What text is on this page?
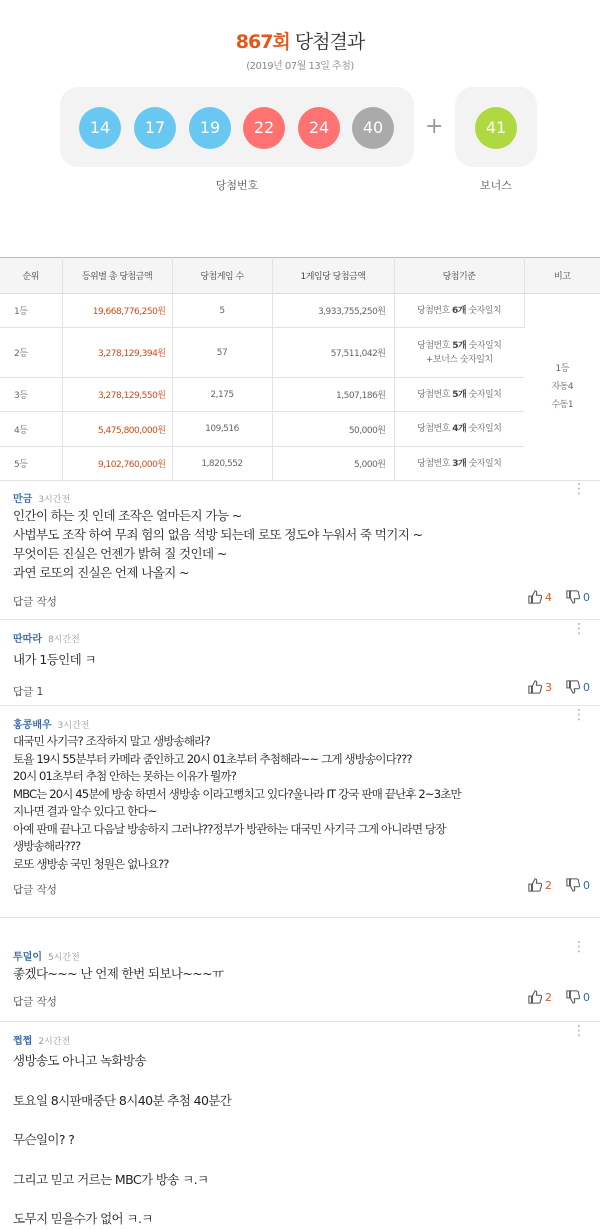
867회 당첨결과
(2019년 07월 13일 추첨)
14	17	19	22	24	40	+	41
당첨번호	보너스
순위	등위별 총 당첨금액	당첨게임 수	1게임당 당첨금액	당첨기준	비고
1등	19,668,776,250원	5	3,933,755,250원	당첨번호 6개 숫자일치	1등
자동4
수동1

2등	3,278,129,394원	57	57,511,042원	당첨번호 5개 숫자일치
+보너스 숫자일치	
3등	3,278,129,550원	2,175	1,507,186원	당첨번호 5개 숫자일치	
4등	5,475,800,000원	109,516	50,000원	당첨번호 4개 숫자일치	
5등	9,102,760,000원	1,820,552	5,000원	당첨번호 3개 숫자일치	
만금 3시간전
⋮
인간이 하는 짓 인데 조작은 얼마든지 가능 ~
사법부도 조작 하여 무죄 험의 없음 석방 되는데 로또 정도야 누워서 죽 먹기지 ~
무엇이든 진실은 언젠가 밝혀 질 것인데 ~
과연 로또의 진실은 언제 나올지 ~
답글 작성	4	0
딴따라 8시간전
⋮
내가 1등인데 ㅋ
답글 1	3	0
홍콩배우 3시간전
⋮
대국민 사기극? 조작하지 말고 생방송해라?
토욜 19시 55분부터 카메라 줌인하고 20시 01초부터 추첨해라~~ 그게 생방송이다???
20시 01초부터 추첨 안하는 못하는 이유가 뭘까?
MBC는 20시 45분에 방송 하면서 생방송 이라고뻥치고 있다?울나라 IT 강국 판매 끝난후 2~3초만
지나면 결과 알수 있다고 한다~
아예 판매 끝나고 다음날 방송하지 그러냐??정부가 방관하는 대국민 사기극 그게 아니라면 당장
생방송해라???
로또 생방송 국민 청원은 없나요??
답글 작성	2	0
투덜이 5시간전
⋮
좋겠다~~~ 난 언제 한번 되보나~~~ㅠ
답글 작성	2	0
쩝쩝 2시간전
⋮
생방송도 아니고 녹화방송

토요일 8시판매중단 8시40분 추첨 40분간

무슨일이? ?

그리고 믿고 거르는 MBC가 방송 ㅋ.ㅋ

도무지 믿을수가 없어 ㅋ.ㅋ
